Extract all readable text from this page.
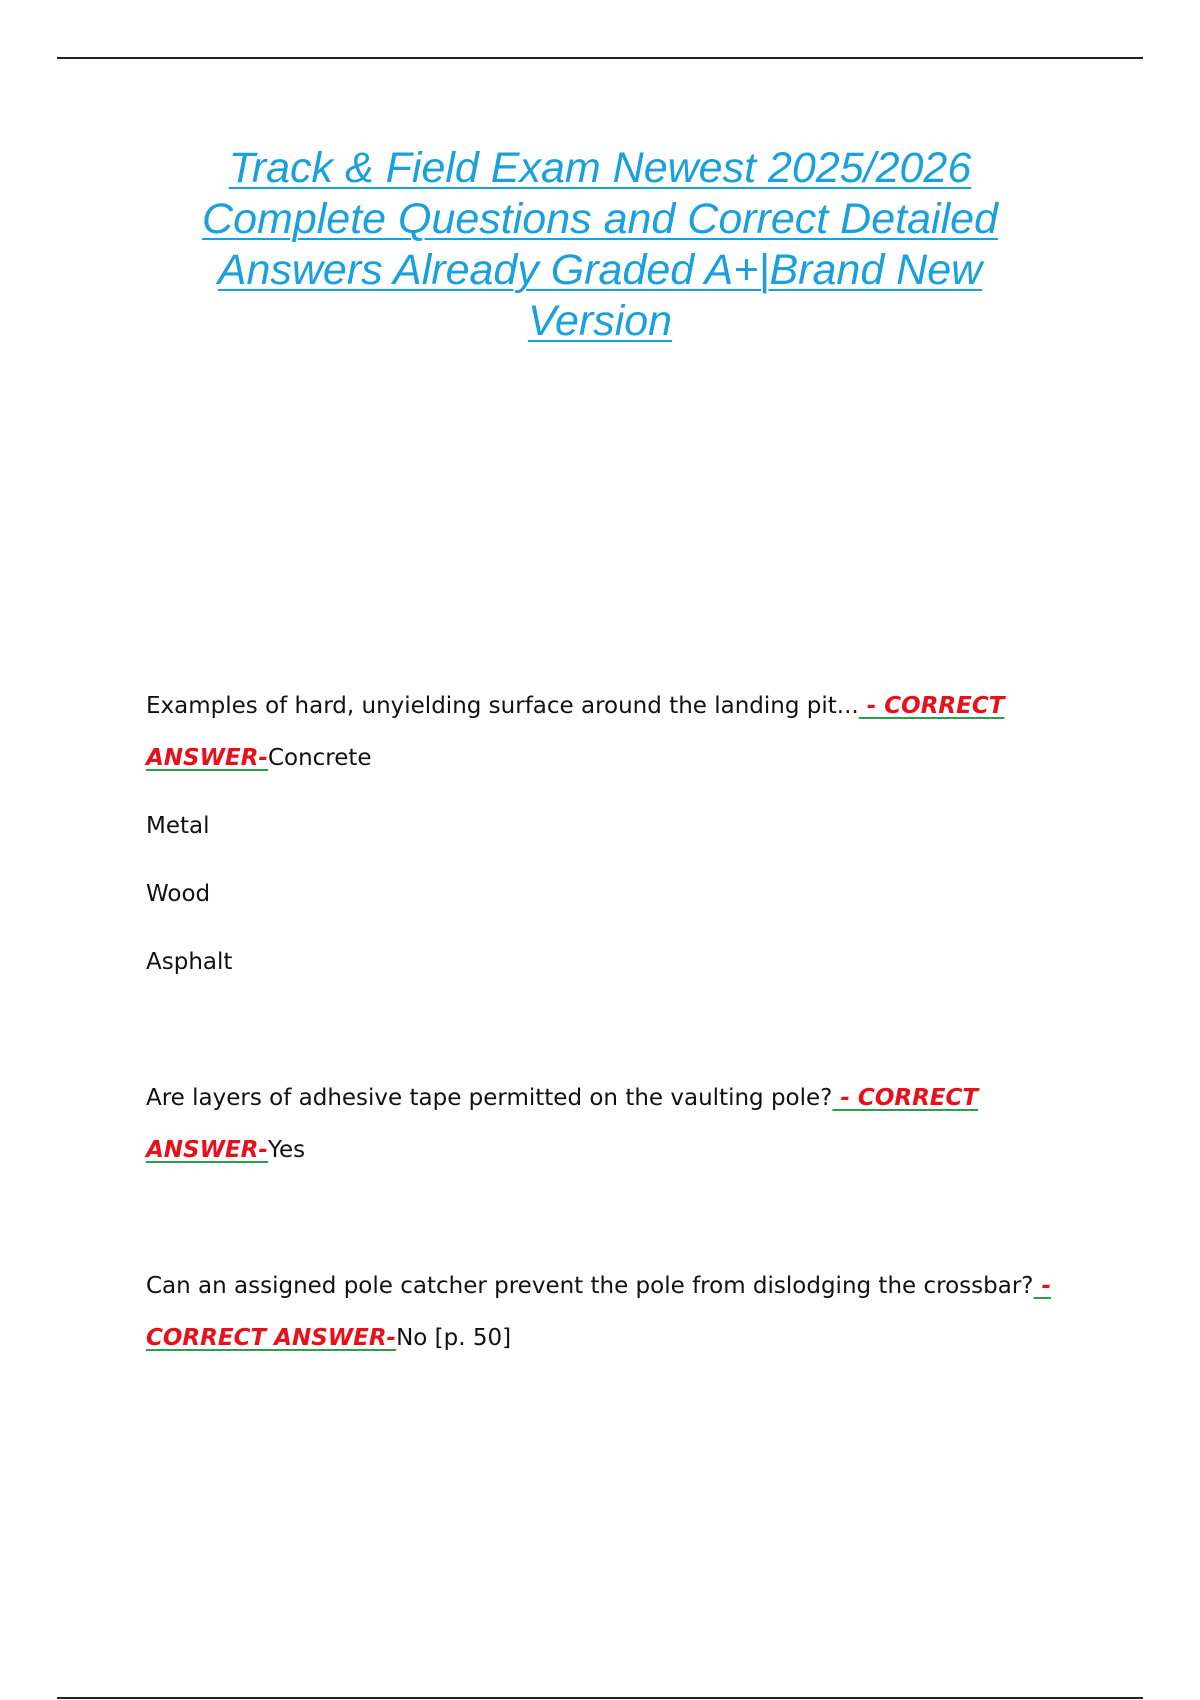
Track & Field Exam Newest 2025/2026 Complete Questions and Correct Detailed Answers Already Graded A+|Brand New Version
Examples of hard, unyielding surface around the landing pit... - CORRECT
ANSWER-Concrete
Metal
Wood
Asphalt
Are layers of adhesive tape permitted on the vaulting pole? - CORRECT
ANSWER-Yes
Can an assigned pole catcher prevent the pole from dislodging the crossbar? -
CORRECT ANSWER-No [p. 50]
